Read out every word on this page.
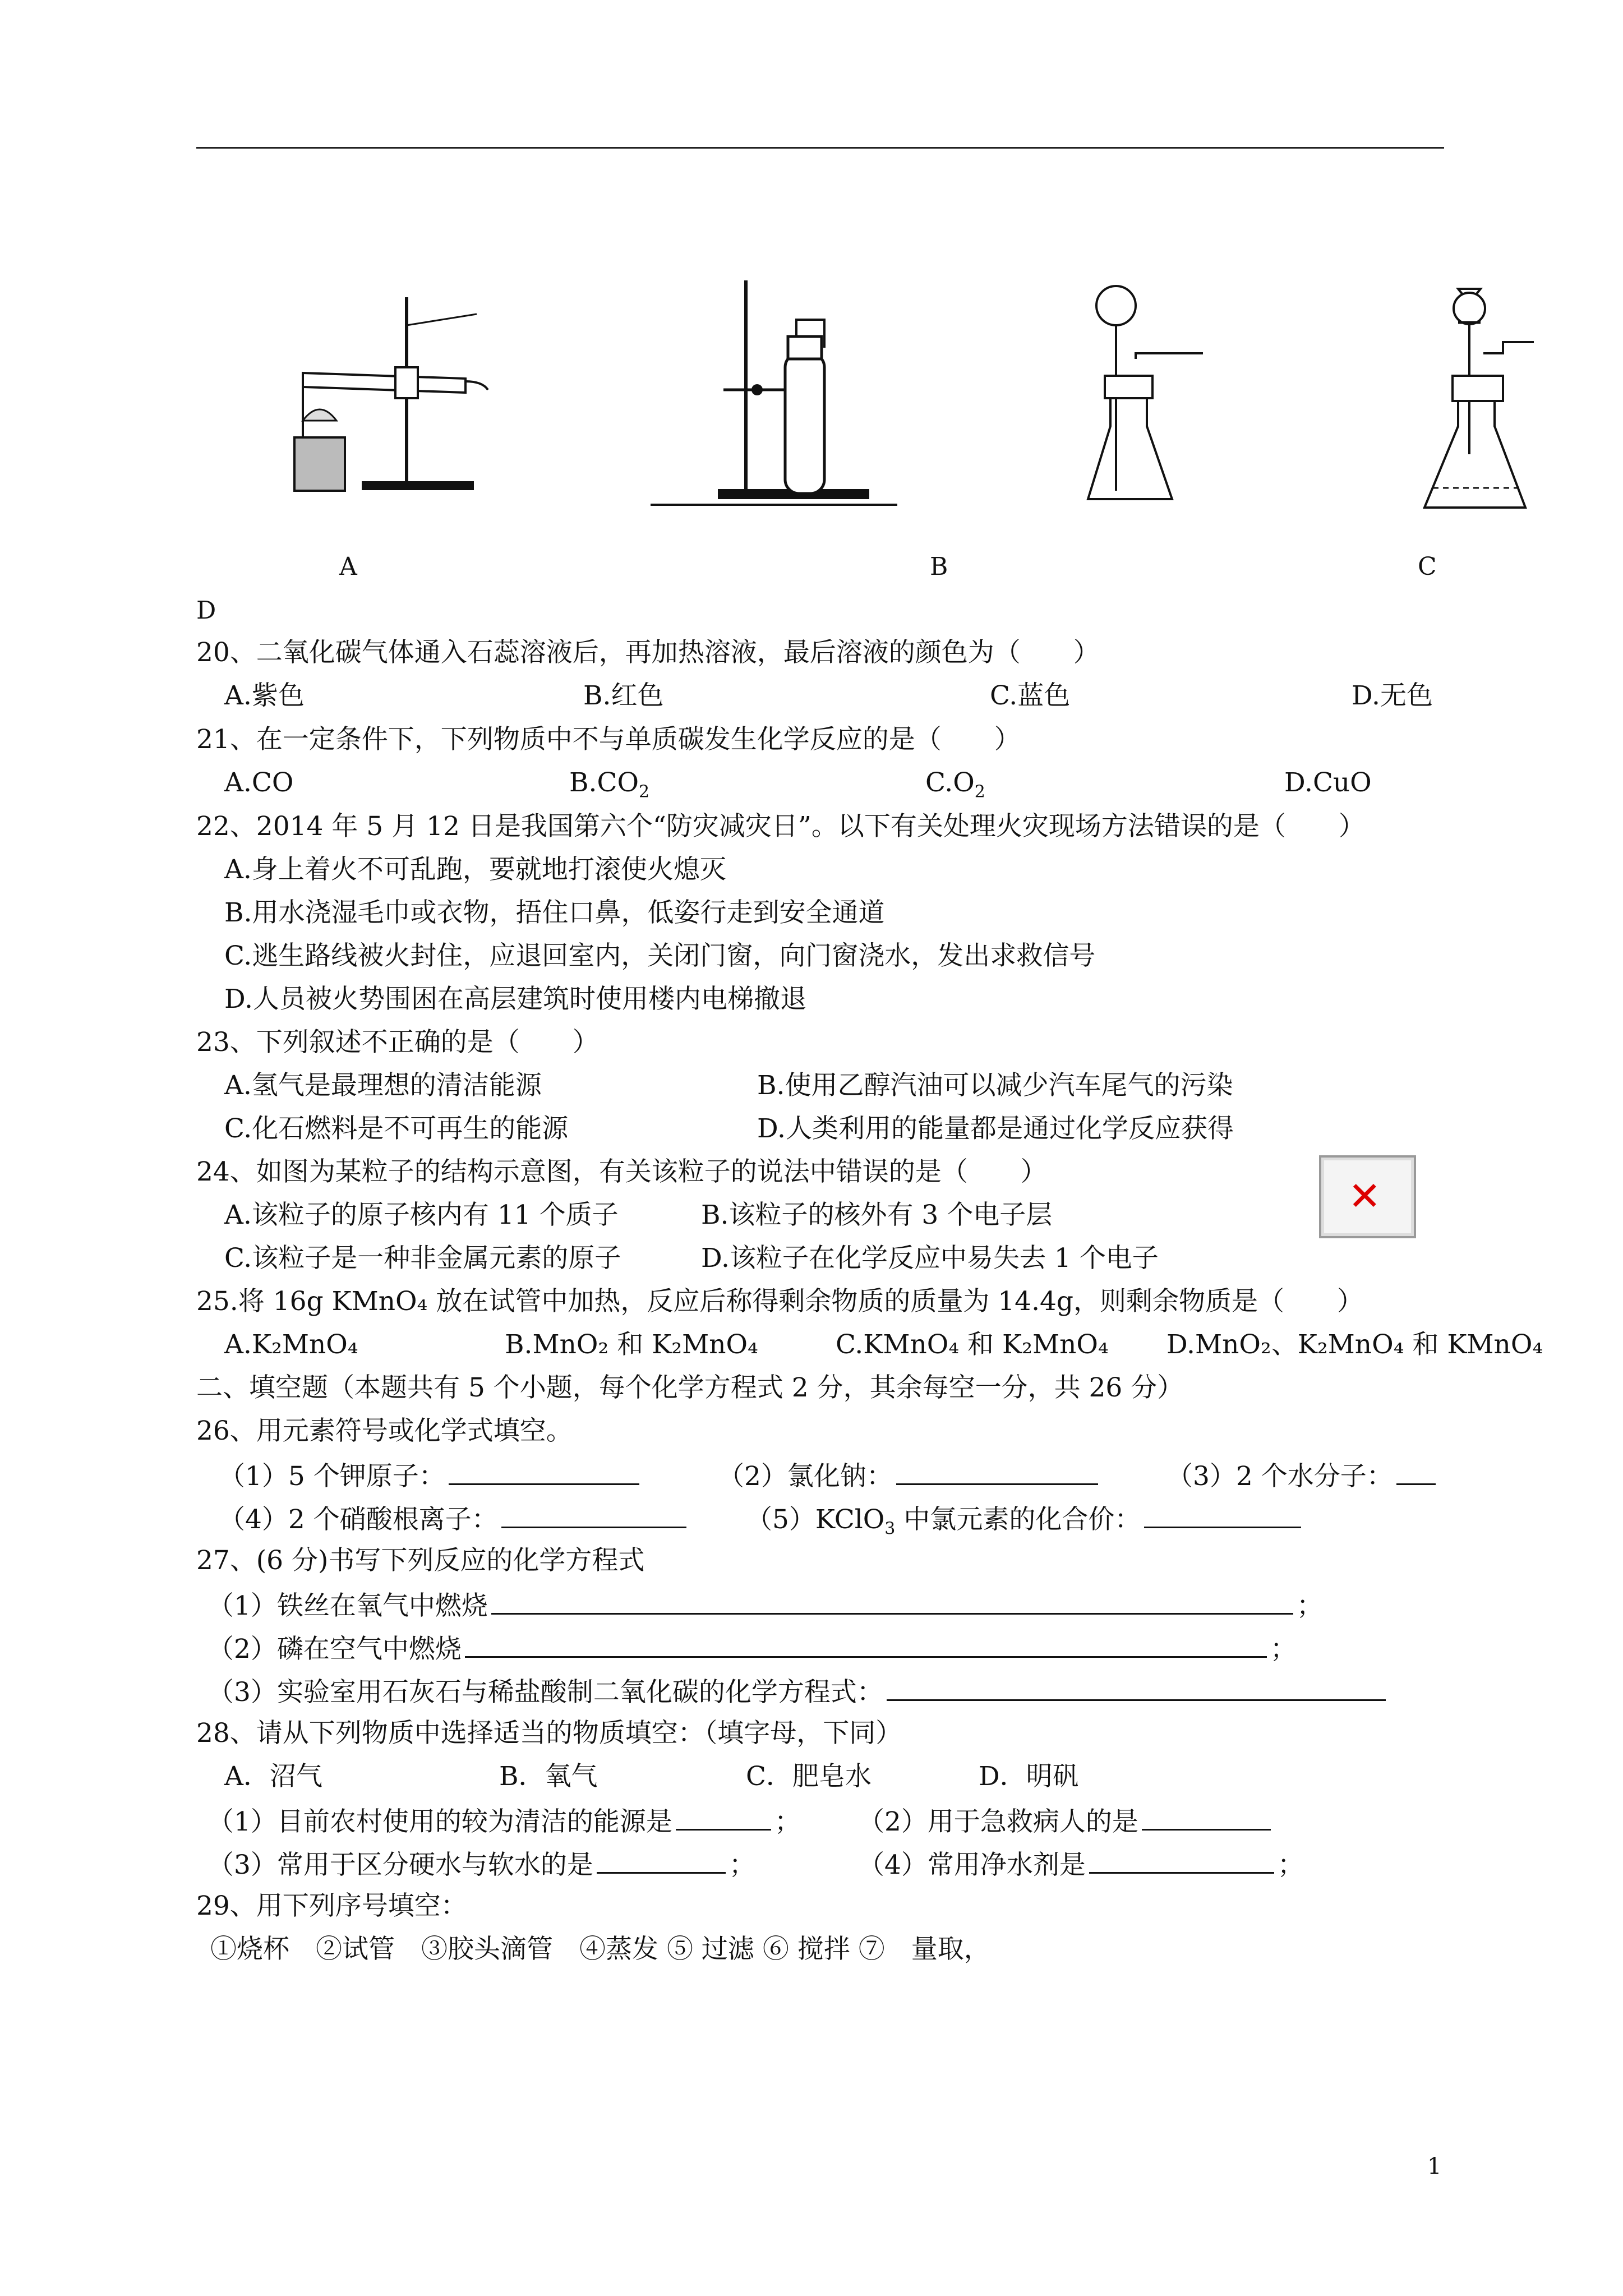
A	B	C
D
20、二氧化碳气体通入石蕊溶液后，再加热溶液，最后溶液的颜色为（　　）
A.紫色	B.红色	C.蓝色	D.无色
21、在一定条件下，下列物质中不与单质碳发生化学反应的是（　　）
A.CO	$B.CO_2$	$C.O_2$	D.CuO
22、2014 年 5 月 12 日是我国第六个“防灾减灾日”。以下有关处理火灾现场方法错误的是（　　）
A.身上着火不可乱跑，要就地打滚使火熄灭
B.用水浇湿毛巾或衣物，捂住口鼻，低姿行走到安全通道
C.逃生路线被火封住，应退回室内，关闭门窗，向门窗浇水，发出求救信号
D.人员被火势围困在高层建筑时使用楼内电梯撤退
23、下列叙述不正确的是（　　）
A.氢气是最理想的清洁能源	B.使用乙醇汽油可以减少汽车尾气的污染
C.化石燃料是不可再生的能源	D.人类利用的能量都是通过化学反应获得
24、如图为某粒子的结构示意图，有关该粒子的说法中错误的是（　　）
✕
A.该粒子的原子核内有 11 个质子	B.该粒子的核外有 3 个电子层
C.该粒子是一种非金属元素的原子	D.该粒子在化学反应中易失去 1 个电子
25.将 16g KMnO₄ 放在试管中加热，反应后称得剩余物质的质量为 14.4g，则剩余物质是（　　）
A.K₂MnO₄	B.MnO₂ 和 K₂MnO₄	C.KMnO₄ 和 K₂MnO₄ D.MnO₂、K₂MnO₄ 和 KMnO₄
二、填空题（本题共有 5 个小题，每个化学方程式 2 分，其余每空一分，共 26 分）
26、用元素符号或化学式填空。
（1）5 个钾原子：	（2）氯化钠：	（3）2 个水分子：
（4）2 个硝酸根离子：	（5）KClO$_3$ 中氯元素的化合价：
27、(6 分)书写下列反应的化学方程式
（1）铁丝在氧气中燃烧	；
（2）磷在空气中燃烧	；
（3）实验室用石灰石与稀盐酸制二氧化碳的化学方程式：
28、请从下列物质中选择适当的物质填空：（填字母，下同）
A．沼气	B．氧气	C．肥皂水	D．明矾
（1）目前农村使用的较为清洁的能源是	； （2）用于急救病人的是
（3）常用于区分硬水与软水的是	；	（4）常用净水剂是	；
29、用下列序号填空：
①烧杯　②试管　③胶头滴管　④蒸发 ⑤ 过滤 ⑥ 搅拌 ⑦　量取，
1
